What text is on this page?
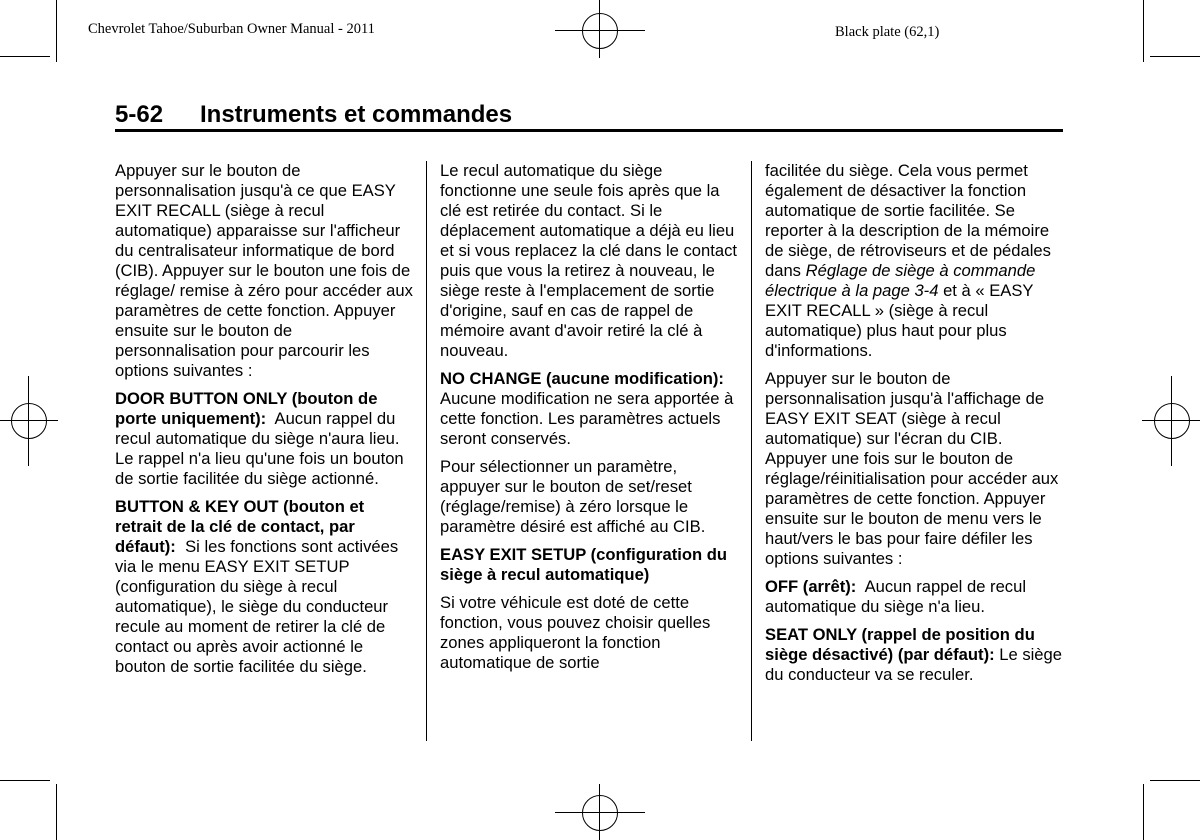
Chevrolet Tahoe/Suburban Owner Manual - 2011	Black plate (62,1)
5-62 Instruments et commandes

Appuyer sur le bouton de personnalisation jusqu'à ce que EASY EXIT RECALL (siège à recul automatique) apparaisse sur l'afficheur du centralisateur informatique de bord (CIB). Appuyer sur le bouton une fois de réglage/ remise à zéro pour accéder aux paramètres de cette fonction. Appuyer ensuite sur le bouton de personnalisation pour parcourir les options suivantes :

DOOR BUTTON ONLY (bouton de porte uniquement): Aucun rappel du recul automatique du siège n'aura lieu. Le rappel n'a lieu qu'une fois un bouton de sortie facilitée du siège actionné.

BUTTON & KEY OUT (bouton et retrait de la clé de contact, par défaut): Si les fonctions sont activées via le menu EASY EXIT SETUP (configuration du siège à recul automatique), le siège du conducteur recule au moment de retirer la clé de contact ou après avoir actionné le bouton de sortie facilitée du siège.

Le recul automatique du siège fonctionne une seule fois après que la clé est retirée du contact. Si le déplacement automatique a déjà eu lieu et si vous replacez la clé dans le contact puis que vous la retirez à nouveau, le siège reste à l'emplacement de sortie d'origine, sauf en cas de rappel de mémoire avant d'avoir retiré la clé à nouveau.

NO CHANGE (aucune modification):  Aucune modification ne sera apportée à cette fonction. Les paramètres actuels seront conservés.

Pour sélectionner un paramètre, appuyer sur le bouton de set/reset (réglage/remise) à zéro lorsque le paramètre désiré est affiché au CIB.

EASY EXIT SETUP (configuration du siège à recul automatique)

Si votre véhicule est doté de cette fonction, vous pouvez choisir quelles zones appliqueront la fonction automatique de sortie

facilitée du siège. Cela vous permet également de désactiver la fonction automatique de sortie facilitée. Se reporter à la description de la mémoire de siège, de rétroviseurs et de pédales dans Réglage de siège à commande électrique à la page 3-4 et à « EASY EXIT RECALL » (siège à recul automatique) plus haut pour plus d'informations.

Appuyer sur le bouton de personnalisation jusqu'à l'affichage de EASY EXIT SEAT (siège à recul automatique) sur l'écran du CIB. Appuyer une fois sur le bouton de réglage/réinitialisation pour accéder aux paramètres de cette fonction. Appuyer ensuite sur le bouton de menu vers le haut/vers le bas pour faire défiler les options suivantes :

OFF (arrêt): Aucun rappel de recul automatique du siège n'a lieu.

SEAT ONLY (rappel de position du siège désactivé) (par défaut): Le siège du conducteur va se reculer.
